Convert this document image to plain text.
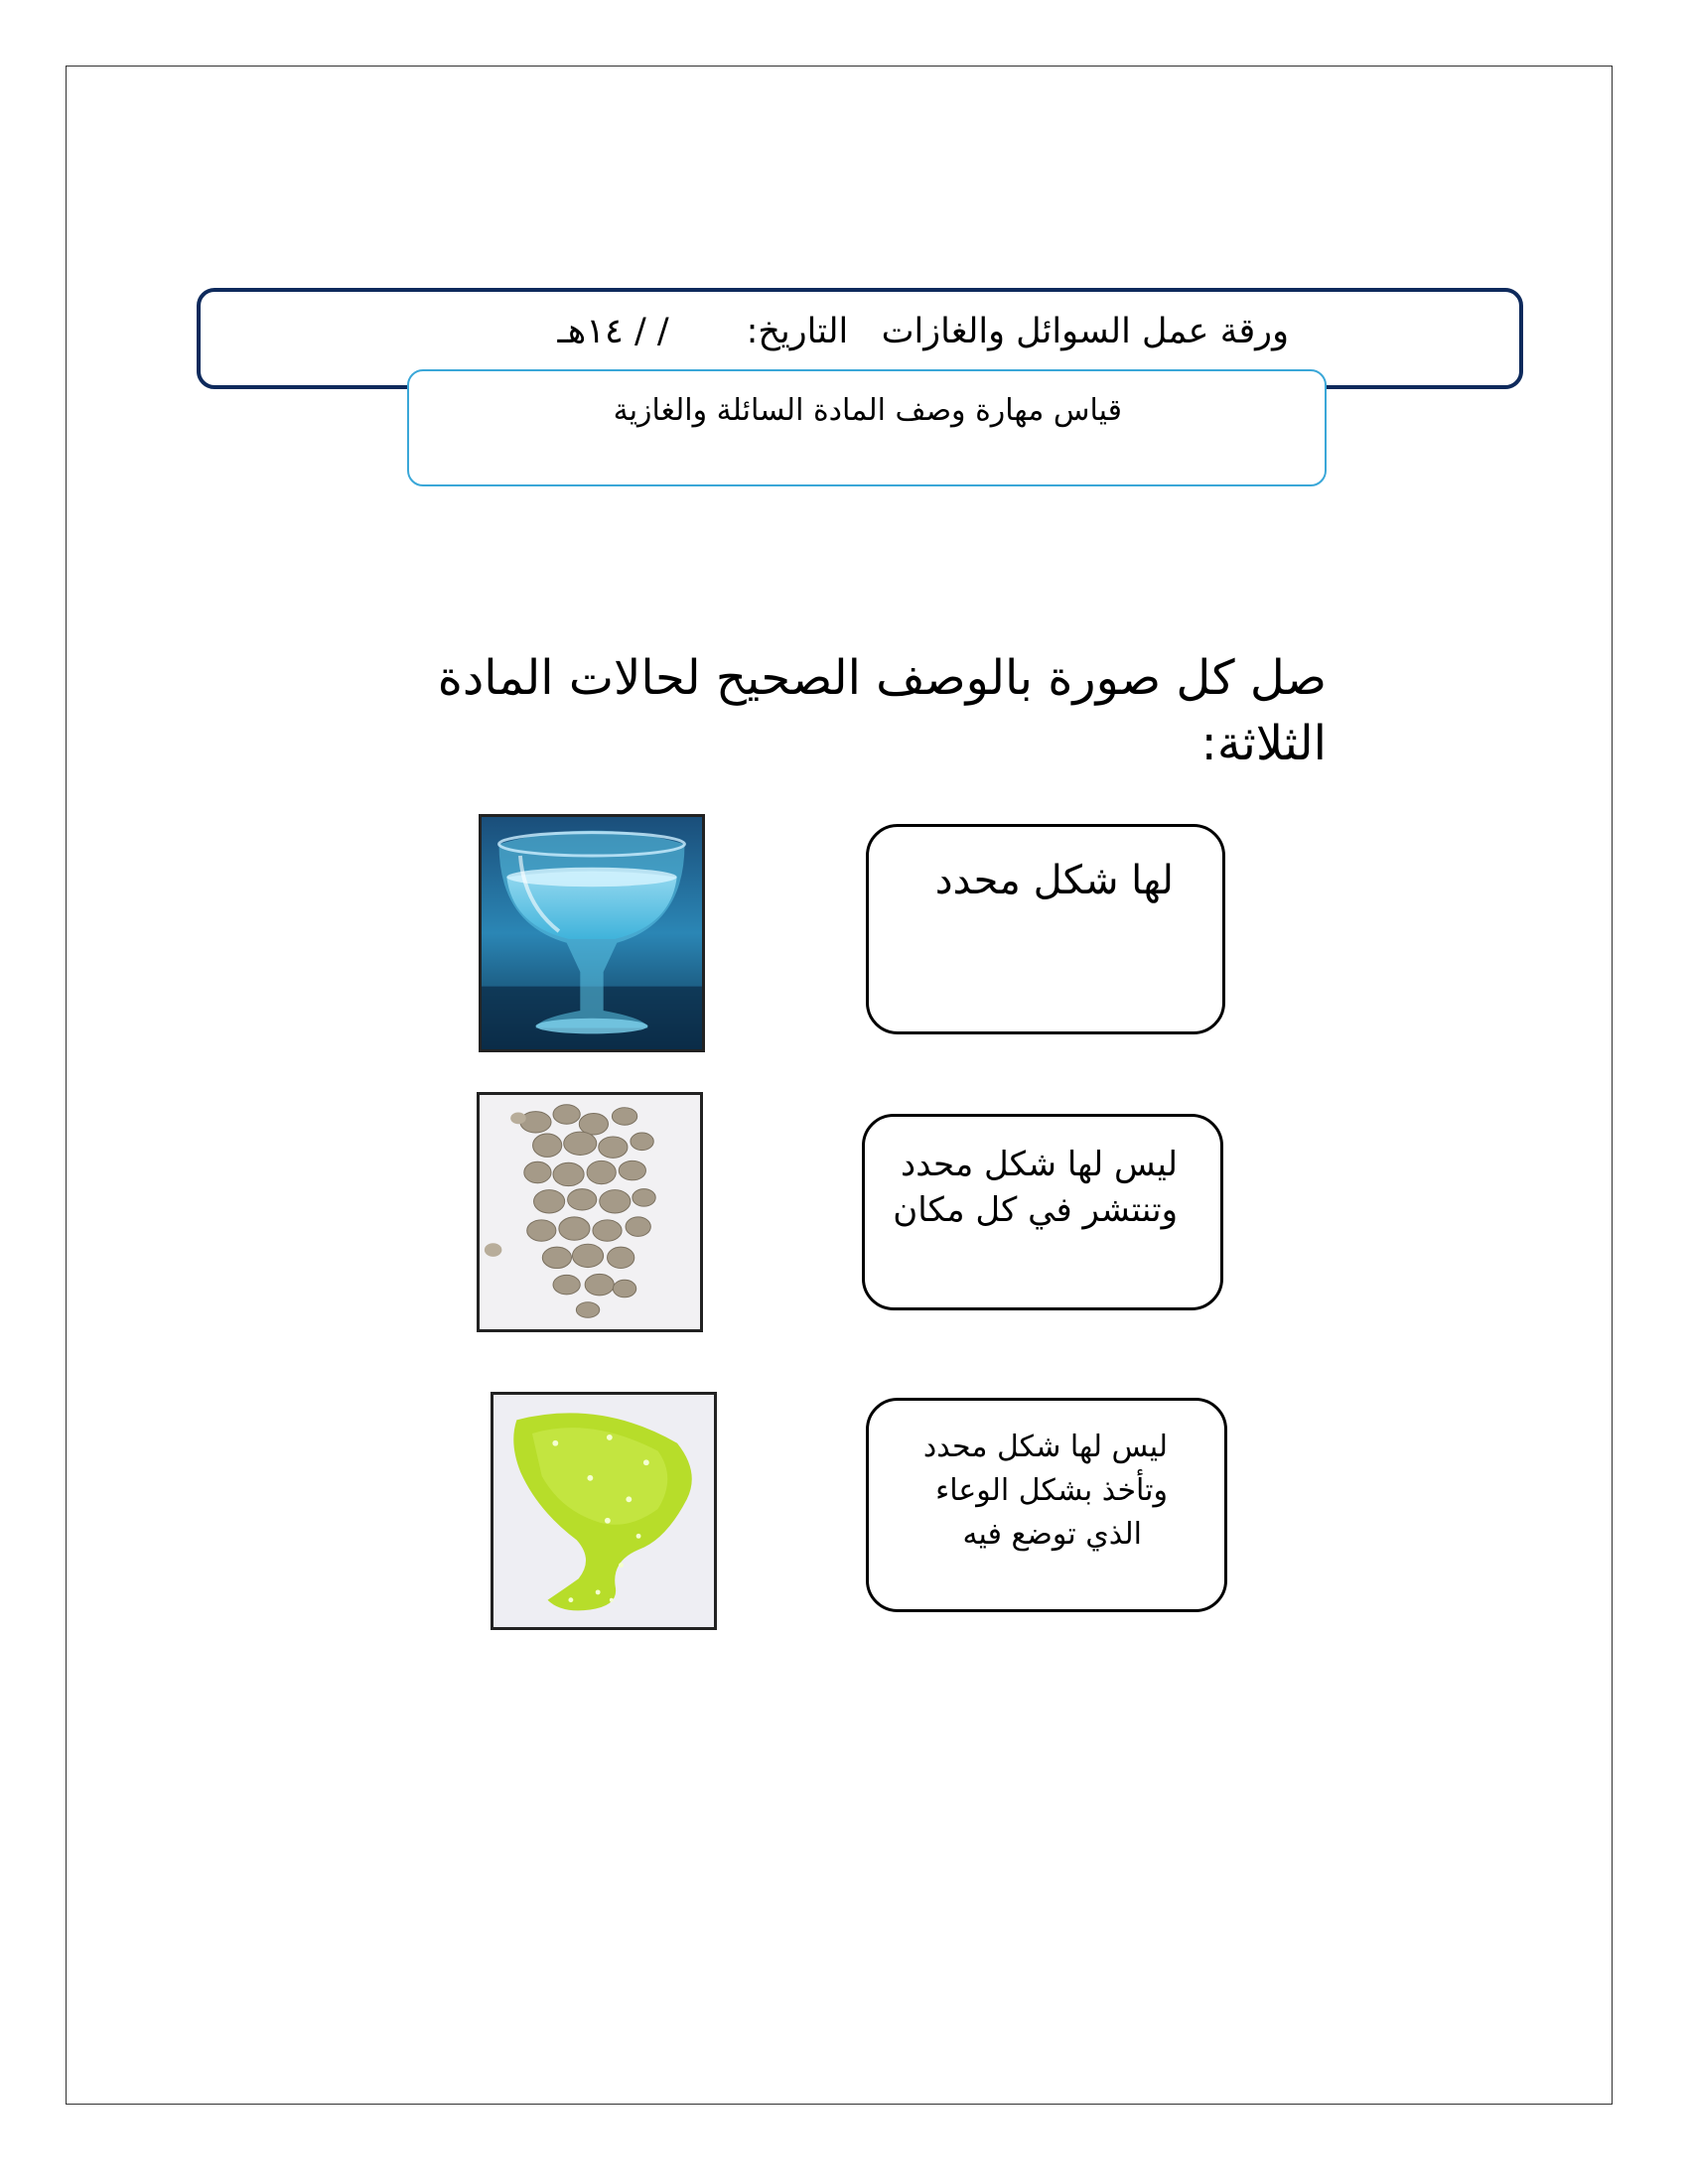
ورقة عمل السوائل والغازات   التاريخ:       / / ١٤هـ
قياس مهارة وصف المادة السائلة والغازية
صل كل صورة بالوصف الصحيح لحالات المادة الثلاثة:
لها شكل محدد
ليس لها شكل محدد
وتنتشر في كل مكان
ليس لها شكل محدد
وتأخذ بشكل الوعاء
الذي توضع فيه
